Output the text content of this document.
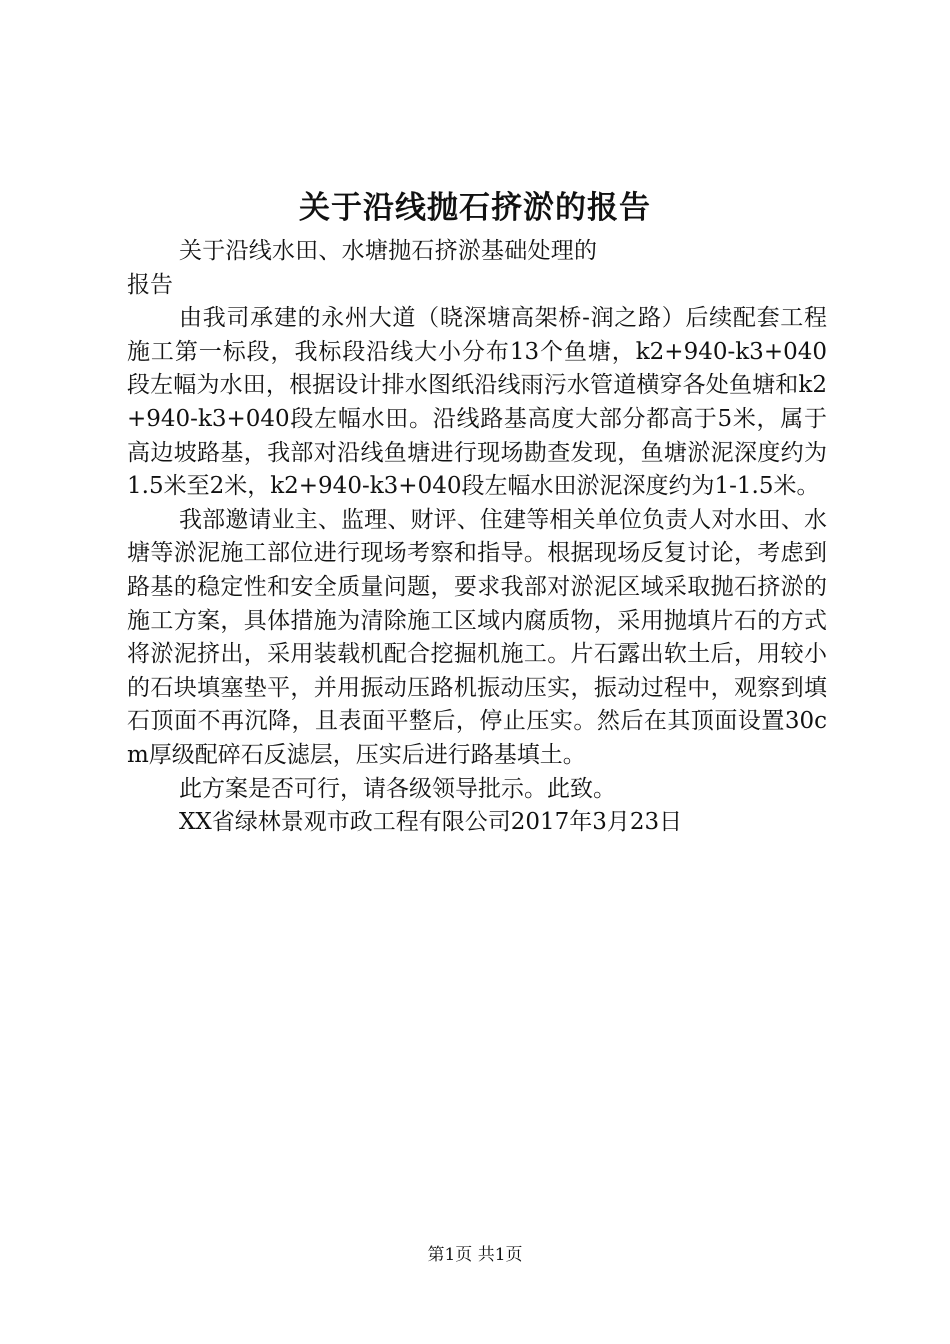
关于沿线抛石挤淤的报告

关于沿线水田、水塘抛石挤淤基础处理的报告

由我司承建的永州大道（晓深塘高架桥-润之路）后续配套工程施工第一标段，我标段沿线大小分布13个鱼塘，k2+940-k3+040段左幅为水田，根据设计排水图纸沿线雨污水管道横穿各处鱼塘和k2+940-k3+040段左幅水田。沿线路基高度大部分都高于5米，属于高边坡路基，我部对沿线鱼塘进行现场勘查发现，鱼塘淤泥深度约为1.5米至2米，k2+940-k3+040段左幅水田淤泥深度约为1-1.5米。

我部邀请业主、监理、财评、住建等相关单位负责人对水田、水塘等淤泥施工部位进行现场考察和指导。根据现场反复讨论，考虑到路基的稳定性和安全质量问题，要求我部对淤泥区域采取抛石挤淤的施工方案，具体措施为清除施工区域内腐质物，采用抛填片石的方式将淤泥挤出，采用装载机配合挖掘机施工。片石露出软土后，用较小的石块填塞垫平，并用振动压路机振动压实，振动过程中，观察到填石顶面不再沉降，且表面平整后，停止压实。然后在其顶面设置30cm厚级配碎石反滤层，压实后进行路基填土。

此方案是否可行，请各级领导批示。此致。

XX省绿林景观市政工程有限公司2017年3月23日

第1页 共1页
